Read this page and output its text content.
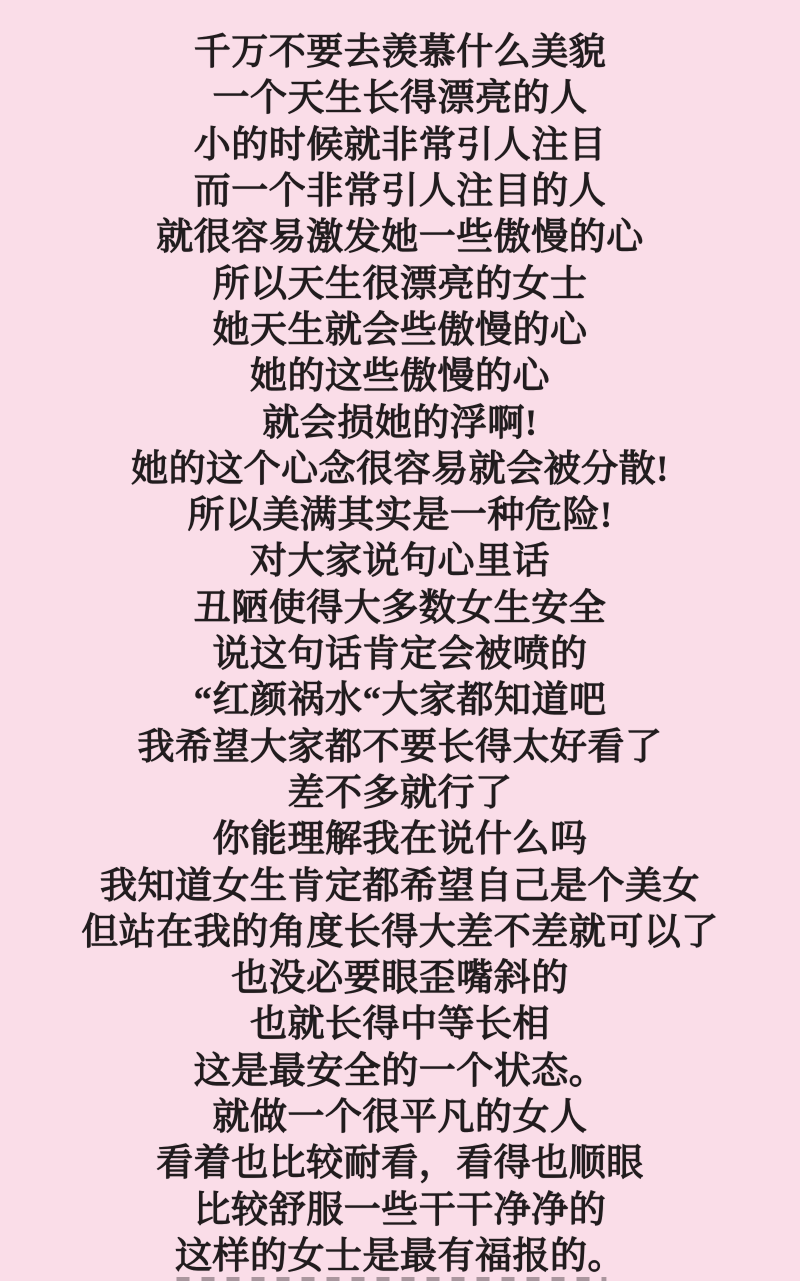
千万不要去羡慕什么美貌
一个天生长得漂亮的人
小的时候就非常引人注目
而一个非常引人注目的人
就很容易激发她一些傲慢的心
所以天生很漂亮的女士
她天生就会些傲慢的心
她的这些傲慢的心
就会损她的浮啊!
她的这个心念很容易就会被分散!
所以美满其实是一种危险!
对大家说句心里话
丑陋使得大多数女生安全
说这句话肯定会被喷的
“红颜祸水“大家都知道吧
我希望大家都不要长得太好看了
差不多就行了
你能理解我在说什么吗
我知道女生肯定都希望自己是个美女
但站在我的角度长得大差不差就可以了
也没必要眼歪嘴斜的
也就长得中等长相
这是最安全的一个状态。
就做一个很平凡的女人
看着也比较耐看，看得也顺眼
比较舒服一些干干净净的
这样的女士是最有福报的。
